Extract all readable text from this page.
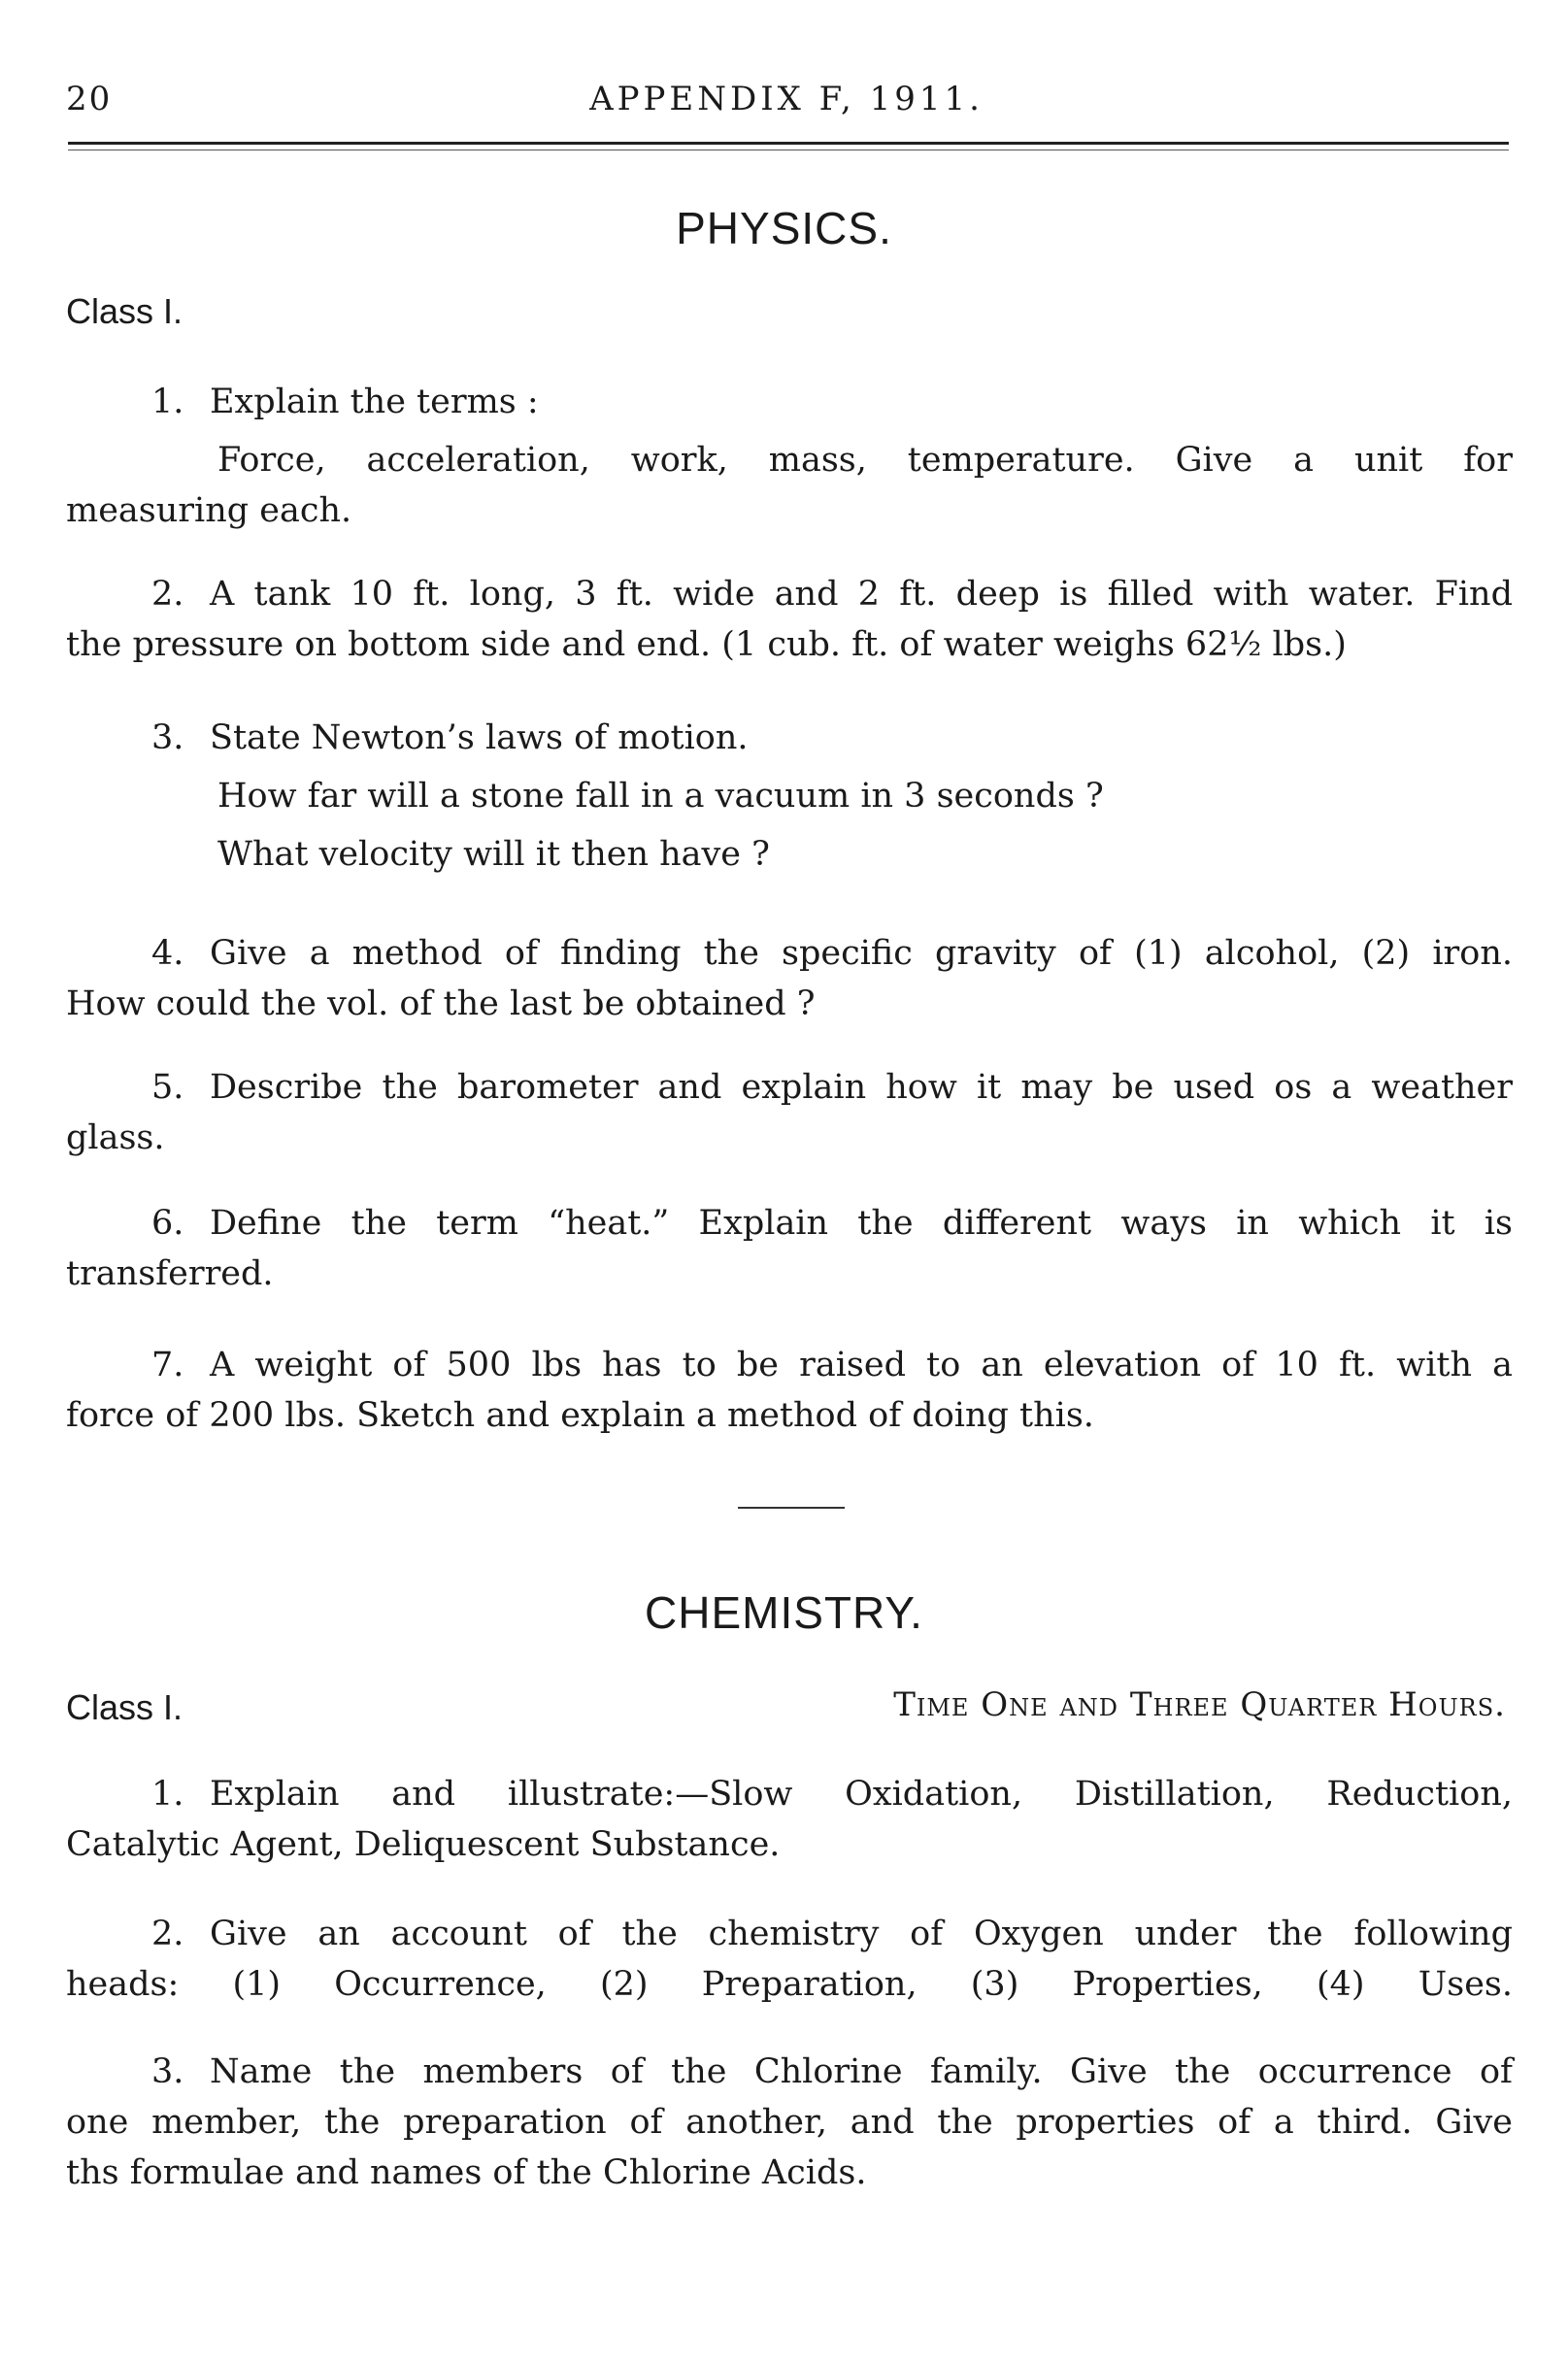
20	APPENDIX F, 1911.
PHYSICS.
Class I.
1. Explain the terms :
Force, acceleration, work, mass, temperature. Give a unit for
measuring each.
2. A tank 10 ft. long, 3 ft. wide and 2 ft. deep is filled with water. Find
the pressure on bottom side and end. (1 cub. ft. of water weighs 62½ lbs.)
3. State Newton’s laws of motion.
How far will a stone fall in a vacuum in 3 seconds ?
What velocity will it then have ?
4. Give a method of finding the specific gravity of (1) alcohol, (2) iron.
How could the vol. of the last be obtained ?
5. Describe the barometer and explain how it may be used os a weather
glass.
6. Define the term “heat.” Explain the different ways in which it is
transferred.
7. A weight of 500 lbs has to be raised to an elevation of 10 ft. with a
force of 200 lbs. Sketch and explain a method of doing this.
CHEMISTRY.
Class I.	Time One and Three Quarter Hours.
1. Explain and illustrate:—Slow Oxidation, Distillation, Reduction,
Catalytic Agent, Deliquescent Substance.
2. Give an account of the chemistry of Oxygen under the following
heads: (1) Occurrence, (2) Preparation, (3) Properties, (4) Uses.
3. Name the members of the Chlorine family. Give the occurrence of
one member, the preparation of another, and the properties of a third. Give
ths formulae and names of the Chlorine Acids.
